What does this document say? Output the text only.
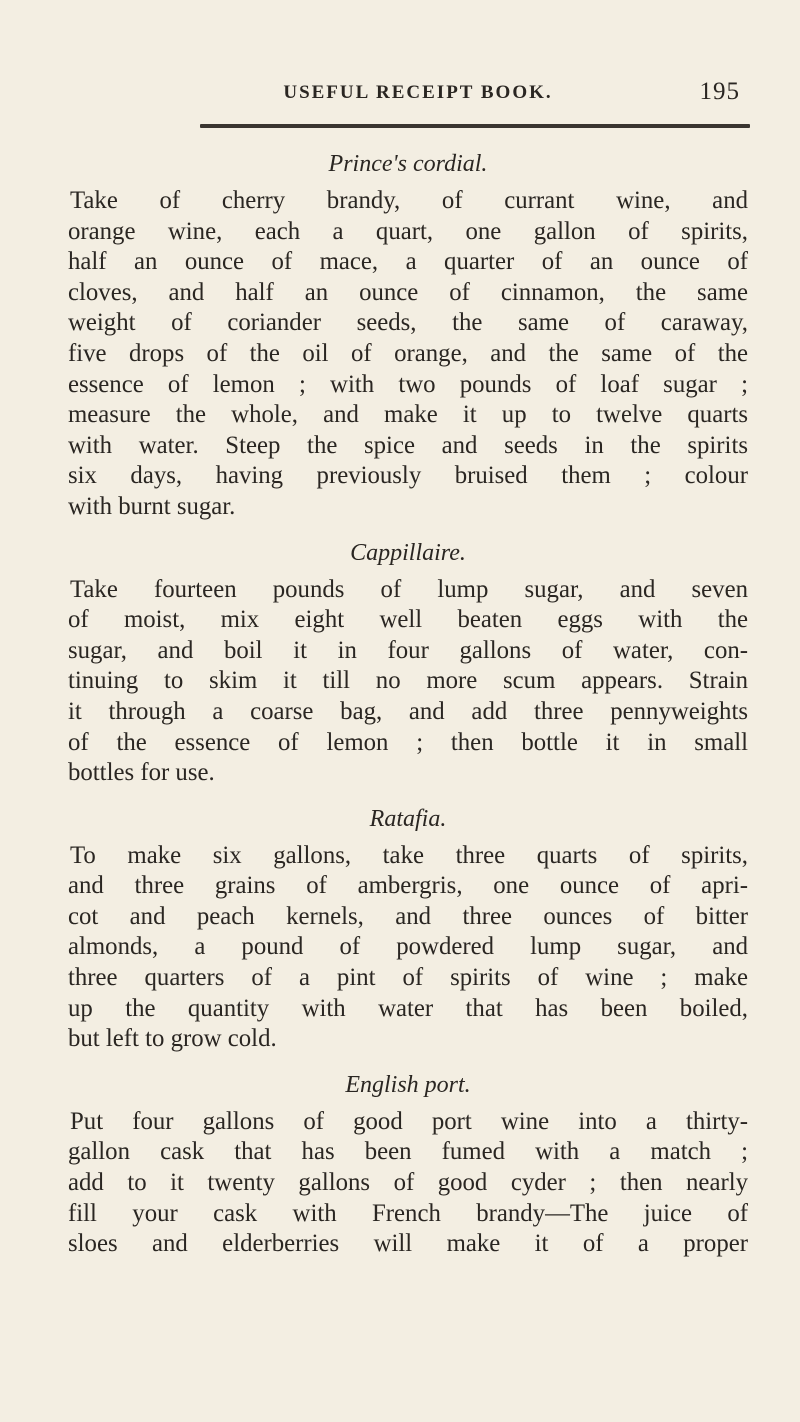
USEFUL RECEIPT BOOK.	195
Prince's cordial.
Take of cherry brandy, of currant wine, and
orange wine, each a quart, one gallon of spirits,
half an ounce of mace, a quarter of an ounce of
cloves, and half an ounce of cinnamon, the same
weight of coriander seeds, the same of caraway,
five drops of the oil of orange, and the same of the
essence of lemon ; with two pounds of loaf sugar ;
measure the whole, and make it up to twelve quarts
with water. Steep the spice and seeds in the spirits
six days, having previously bruised them ; colour
with burnt sugar.
Cappillaire.
Take fourteen pounds of lump sugar, and seven
of moist, mix eight well beaten eggs with the
sugar, and boil it in four gallons of water, con-
tinuing to skim it till no more scum appears. Strain
it through a coarse bag, and add three pennyweights
of the essence of lemon ; then bottle it in small
bottles for use.
Ratafia.
To make six gallons, take three quarts of spirits,
and three grains of ambergris, one ounce of apri-
cot and peach kernels, and three ounces of bitter
almonds, a pound of powdered lump sugar, and
three quarters of a pint of spirits of wine ; make
up the quantity with water that has been boiled,
but left to grow cold.
English port.
Put four gallons of good port wine into a thirty-
gallon cask that has been fumed with a match ;
add to it twenty gallons of good cyder ; then nearly
fill your cask with French brandy—The juice of
sloes and elderberries will make it of a proper
